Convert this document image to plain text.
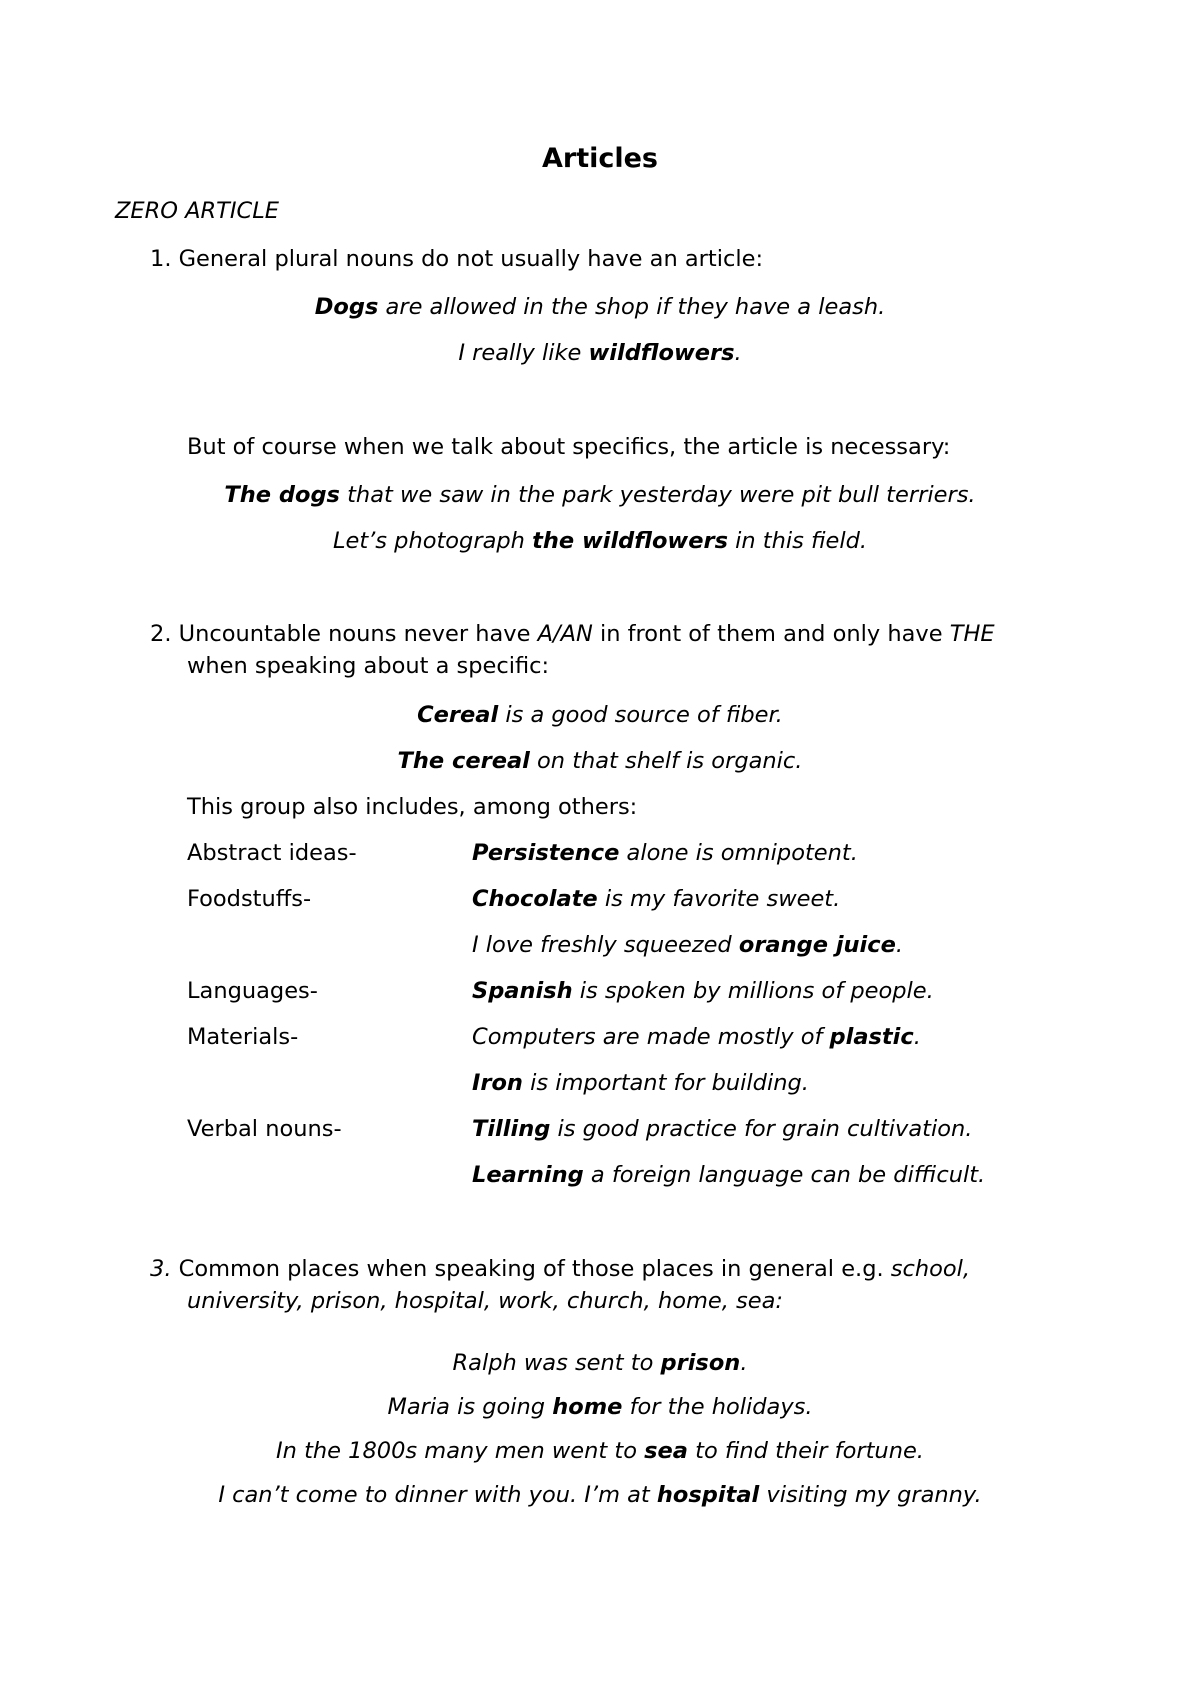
Articles
ZERO ARTICLE
1. General plural nouns do not usually have an article:
Dogs are allowed in the shop if they have a leash.
I really like wildflowers.
But of course when we talk about specifics, the article is necessary:
The dogs that we saw in the park yesterday were pit bull terriers.
Let’s photograph the wildflowers in this field.
2. Uncountable nouns never have A/AN in front of them and only have THE
when speaking about a specific:
Cereal is a good source of fiber.
The cereal on that shelf is organic.
This group also includes, among others:
Abstract ideas-	Persistence alone is omnipotent.
Foodstuffs-	Chocolate is my favorite sweet.
I love freshly squeezed orange juice.
Languages-	Spanish is spoken by millions of people.
Materials-	Computers are made mostly of plastic.
Iron is important for building.
Verbal nouns-	Tilling is good practice for grain cultivation.
Learning a foreign language can be difficult.
3. Common places when speaking of those places in general e.g. school,
university, prison, hospital, work, church, home, sea:
Ralph was sent to prison.
Maria is going home for the holidays.
In the 1800s many men went to sea to find their fortune.
I can’t come to dinner with you. I’m at hospital visiting my granny.
